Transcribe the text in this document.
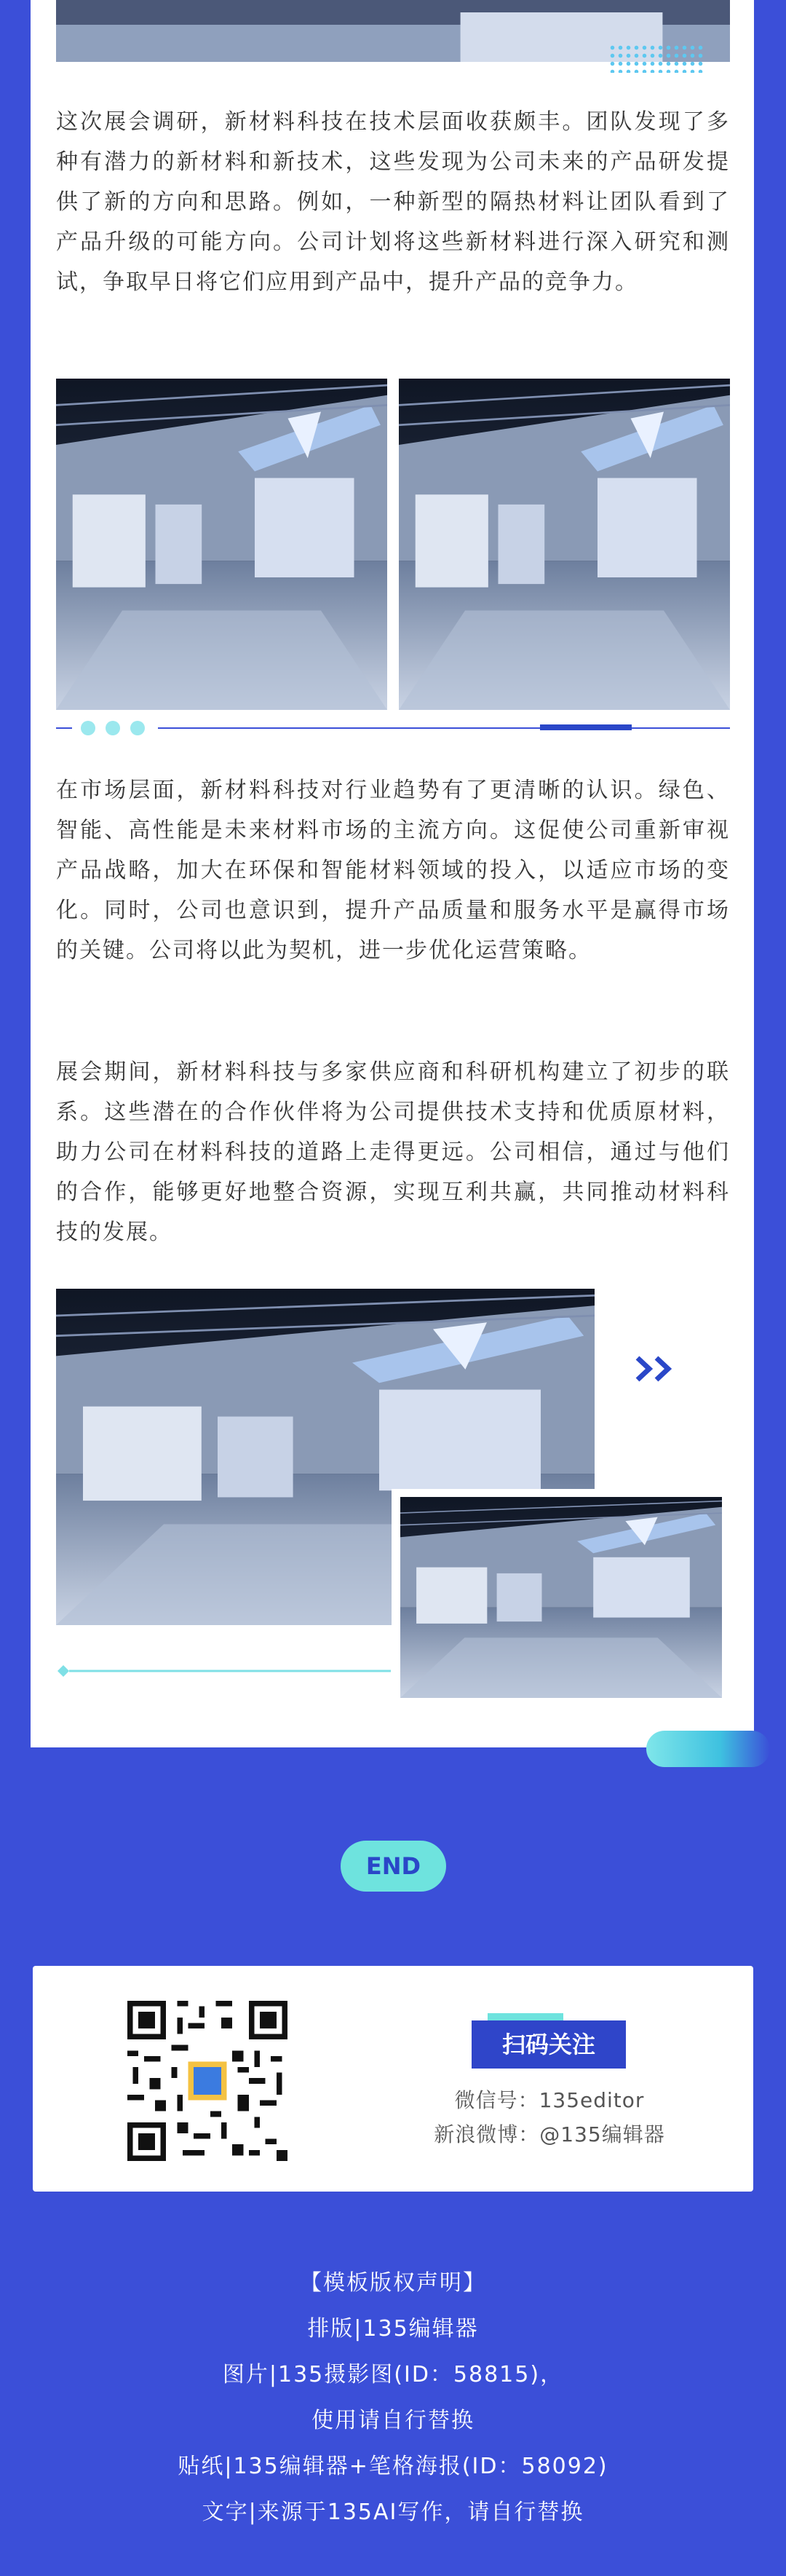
这次展会调研，新材料科技在技术层面收获颇丰。团队发现了多种有潜力的新材料和新技术，这些发现为公司未来的产品研发提供了新的方向和思路。例如，一种新型的隔热材料让团队看到了产品升级的可能方向。公司计划将这些新材料进行深入研究和测试，争取早日将它们应用到产品中，提升产品的竞争力。

在市场层面，新材料科技对行业趋势有了更清晰的认识。绿色、智能、高性能是未来材料市场的主流方向。这促使公司重新审视产品战略，加大在环保和智能材料领域的投入，以适应市场的变化。同时，公司也意识到，提升产品质量和服务水平是赢得市场的关键。公司将以此为契机，进一步优化运营策略。

展会期间，新材料科技与多家供应商和科研机构建立了初步的联系。这些潜在的合作伙伴将为公司提供技术支持和优质原材料，助力公司在材料科技的道路上走得更远。公司相信，通过与他们的合作，能够更好地整合资源，实现互利共赢，共同推动材料科技的发展。

END
扫码关注
微信号：135editor
新浪微博：@135编辑器
【模板版权声明】
排版|135编辑器
图片|135摄影图(ID：58815)，
使用请自行替换
贴纸|135编辑器+笔格海报(ID：58092)
文字|来源于135AI写作，请自行替换
